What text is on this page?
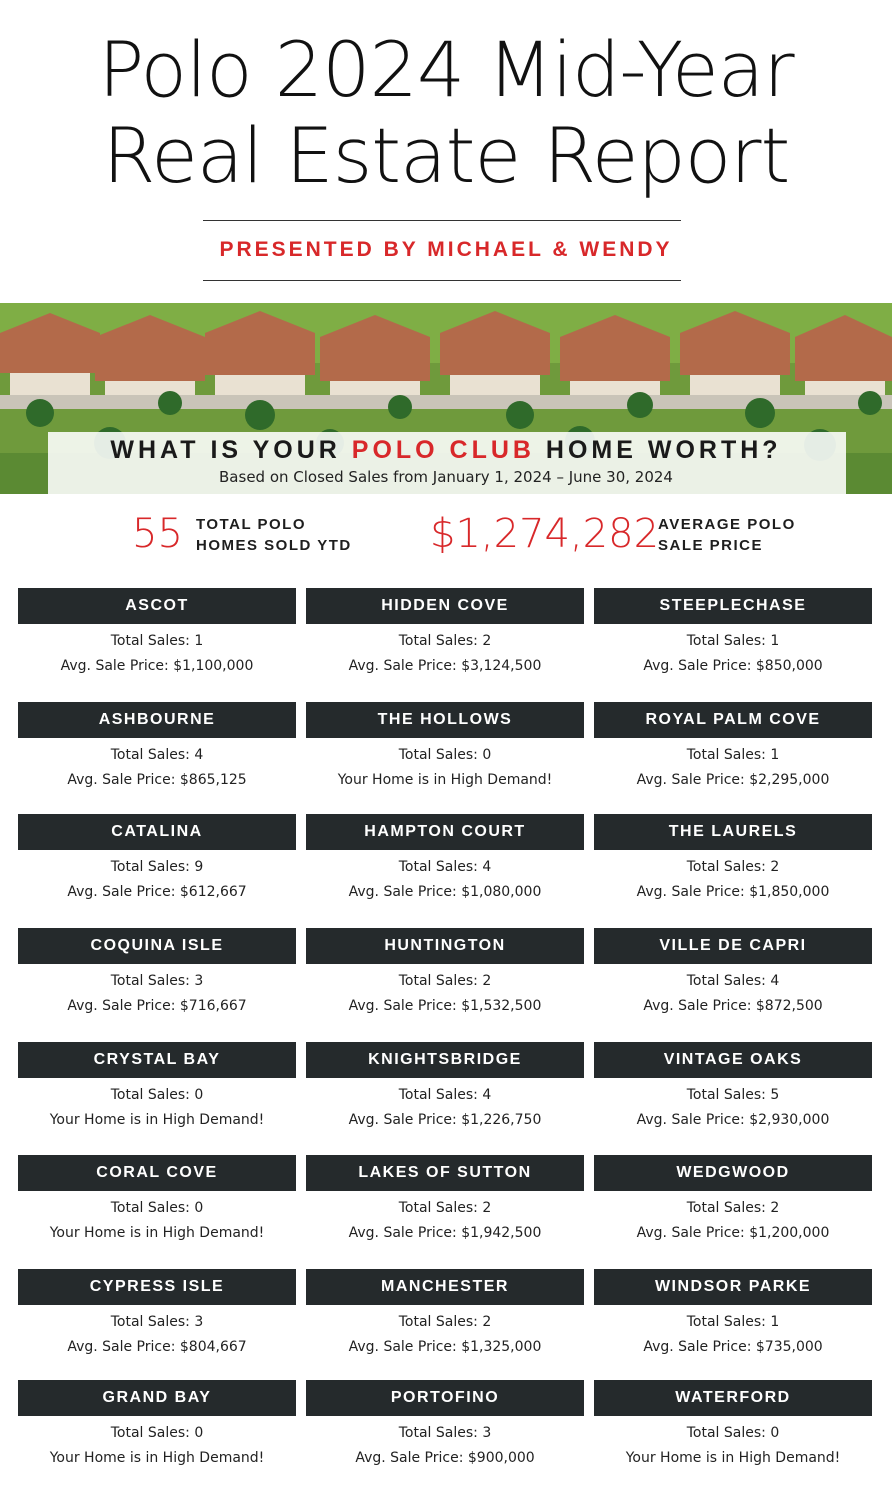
Polo 2024 Mid-Year
Real Estate Report
PRESENTED BY MICHAEL & WENDY
WHAT IS YOUR POLO CLUB HOME WORTH?
Based on Closed Sales from January 1, 2024 – June 30, 2024
55 TOTAL POLO
HOMES SOLD YTD	$1,274,282
AVERAGE POLO
SALE PRICE
ASCOT
Total Sales: 1
Avg. Sale Price: $1,100,000
HIDDEN COVE
Total Sales: 2
Avg. Sale Price: $3,124,500
STEEPLECHASE
Total Sales: 1
Avg. Sale Price: $850,000
ASHBOURNE
Total Sales: 4
Avg. Sale Price: $865,125
THE HOLLOWS
Total Sales: 0
Your Home is in High Demand!
ROYAL PALM COVE
Total Sales: 1
Avg. Sale Price: $2,295,000
CATALINA
Total Sales: 9
Avg. Sale Price: $612,667
HAMPTON COURT
Total Sales: 4
Avg. Sale Price: $1,080,000
THE LAURELS
Total Sales: 2
Avg. Sale Price: $1,850,000
COQUINA ISLE
Total Sales: 3
Avg. Sale Price: $716,667
HUNTINGTON
Total Sales: 2
Avg. Sale Price: $1,532,500
VILLE DE CAPRI
Total Sales: 4
Avg. Sale Price: $872,500
CRYSTAL BAY
Total Sales: 0
Your Home is in High Demand!
KNIGHTSBRIDGE
Total Sales: 4
Avg. Sale Price: $1,226,750
VINTAGE OAKS
Total Sales: 5
Avg. Sale Price: $2,930,000
CORAL COVE
Total Sales: 0
Your Home is in High Demand!
LAKES OF SUTTON
Total Sales: 2
Avg. Sale Price: $1,942,500
WEDGWOOD
Total Sales: 2
Avg. Sale Price: $1,200,000
CYPRESS ISLE
Total Sales: 3
Avg. Sale Price: $804,667
MANCHESTER
Total Sales: 2
Avg. Sale Price: $1,325,000
WINDSOR PARKE
Total Sales: 1
Avg. Sale Price: $735,000
GRAND BAY
Total Sales: 0
Your Home is in High Demand!
PORTOFINO
Total Sales: 3
Avg. Sale Price: $900,000
WATERFORD
Total Sales: 0
Your Home is in High Demand!
